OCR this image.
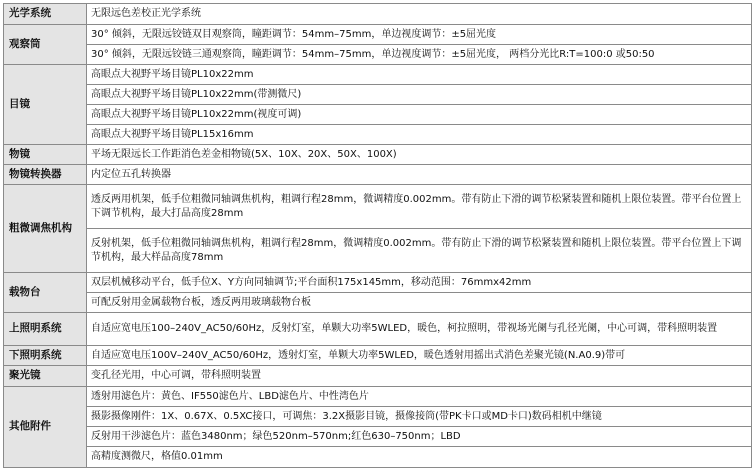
光学系统	无限远色差校正光学系统
观察筒	30° 倾斜，无限远铰链双目观察筒，瞳距调节：54mm–75mm，单边视度调节：±5屈光度
	30° 倾斜，无限远铰链三通观察筒，瞳距调节：54mm–75mm，单边视度调节：±5屈光度， 两档分光比R:T=100:0 或50:50
目镜	高眼点大视野平场目镜PL10x22mm
	高眼点大视野平场目镜PL10x22mm(带测微尺)
	高眼点大视野平场目镜PL10x22mm(视度可调)
	高眼点大视野平场目镜PL15x16mm
物镜	平场无限远长工作距消色差金相物镜(5X、10X、20X、50X、100X)
物镜转换器	内定位五孔转换器
粗微调焦机构	透反两用机架，低手位粗微同轴调焦机构，粗调行程28mm，微调精度0.002mm。带有防止下滑的调节松紧装置和随机上限位装置。带平台位置上下调节机构，最大打品高度28mm
	反射机架，低手位粗微同轴调焦机构，粗调行程28mm，微调精度0.002mm。带有防止下滑的调节松紧装置和随机上限位装置。带平台位置上下调节机构，最大样品高度78mm
载物台	双层机械移动平台，低手位X、Y方向同轴调节;平台面积175x145mm，移动范围：76mmx42mm
	可配反射用金属载物台板，透反两用玻璃载物台板
上照明系统	自适应宽电压100–240V_AC50/60Hz，反射灯室，单颗大功率5WLED，暖色，柯拉照明，带视场光阑与孔径光阑，中心可调，带科照明装置
下照明系统	自适应宽电压100V–240V_AC50/60Hz，透射灯室，单颗大功率5WLED，暖色透射用摇出式消色差聚光镜(N.A0.9)带可
聚光镜	变孔径光用，中心可调，带科照明装置
其他附件	透射用滤色片：黄色、IF550滤色片、LBD滤色片、中性湾色片
	摄影摄像刚件：1X、0.67X、0.5XC接口，可调焦：3.2X摄影目镜，摄像接筒(带PK卡口或MD卡口)数码相机中继镜
	反射用干涉滤色片：蓝色3480nm；绿色520nm–570nm;红色630–750nm；LBD
	高精度测微尺，格值0.01mm
